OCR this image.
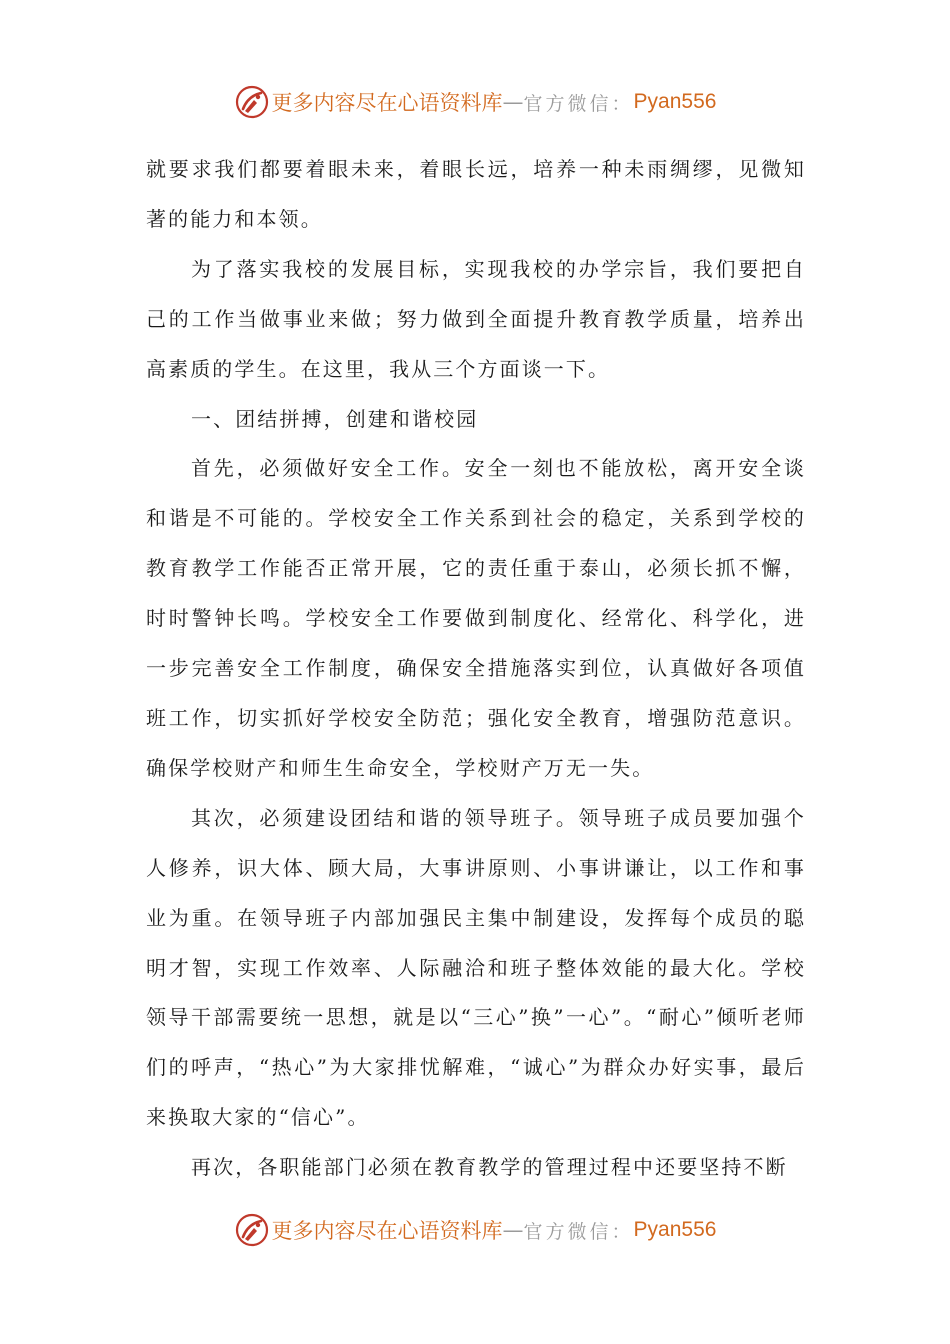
更多内容尽在心语资料库 — 官方微信： Pyan556

就要求我们都要着眼未来，着眼长远，培养一种未雨绸缪，见微知著的能力和本领。

为了落实我校的发展目标，实现我校的办学宗旨，我们要把自己的工作当做事业来做；努力做到全面提升教育教学质量，培养出高素质的学生。在这里，我从三个方面谈一下。

一、团结拼搏，创建和谐校园

首先，必须做好安全工作。安全一刻也不能放松，离开安全谈和谐是不可能的。学校安全工作关系到社会的稳定，关系到学校的教育教学工作能否正常开展，它的责任重于泰山，必须长抓不懈，时时警钟长鸣。学校安全工作要做到制度化、经常化、科学化，进一步完善安全工作制度，确保安全措施落实到位，认真做好各项值班工作，切实抓好学校安全防范；强化安全教育，增强防范意识。确保学校财产和师生生命安全，学校财产万无一失。

其次，必须建设团结和谐的领导班子。领导班子成员要加强个人修养，识大体、顾大局，大事讲原则、小事讲谦让，以工作和事业为重。在领导班子内部加强民主集中制建设，发挥每个成员的聪明才智，实现工作效率、人际融洽和班子整体效能的最大化。学校领导干部需要统一思想，就是以“三心”换”一心”。“耐心”倾听老师们的呼声，“热心”为大家排忧解难，“诚心”为群众办好实事，最后来换取大家的“信心”。

再次，各职能部门必须在教育教学的管理过程中还要坚持不断

更多内容尽在心语资料库 — 官方微信： Pyan556
